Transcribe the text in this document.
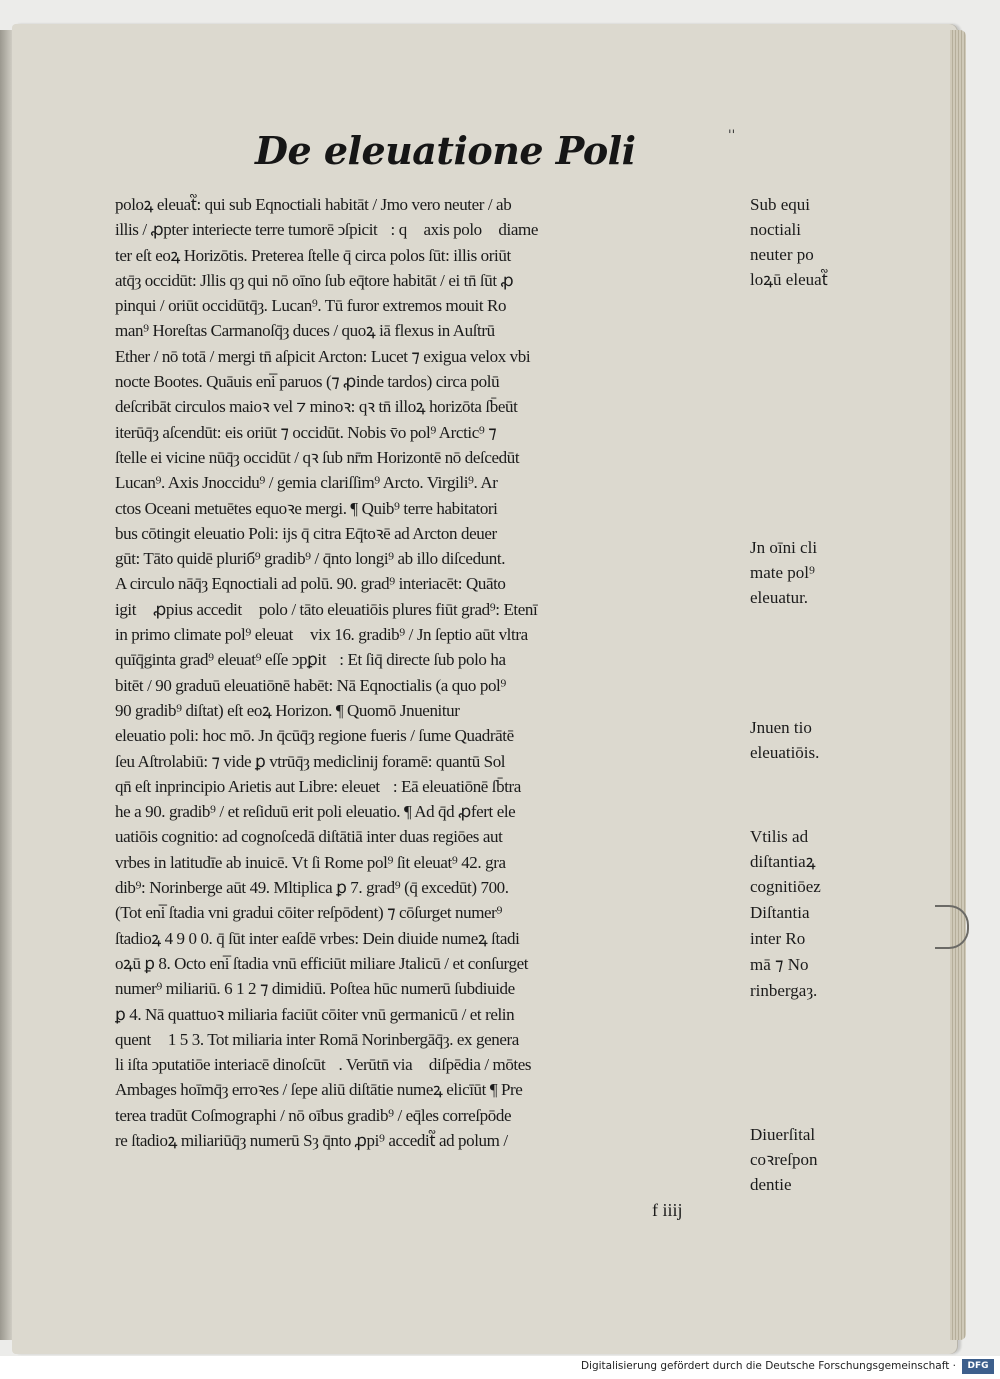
De eleuatione Poli	''
poloꝝ eleuat᷑: qui sub Eqnoctiali habitāt / Jmo vero neuter / ab
illis / ꝓpter interiecte terre tumorē ↄſpicit᷑: qꝛ axis poloꝝ diame
ter eſt eoꝝ Horizōtis. Preterea ſtelle q̄ circa polos ſūt: illis oriūt
atq̄ȝ occidūt: Jllis qȝ qui nō oīno ſub eq̄tore habitāt / ei tn̄ ſūt ꝓ
pinqui / oriūt occidūtq̄ȝ. Lucan⁹. Tū furor extremos mouit Ro
man⁹ Horeſtas Carmanoſq̄ȝ duces / quoꝝ iā flexus in Auſtrū
Ether / nō totā / mergi tn̄ aſpicit Arcton: Lucet ⁊ exigua velox vbi
nocte Bootes. Quāuis eni̅ paruos (⁊ ꝓinde tardos) circa polū
deſcribāt circulos maioꝛ vel ⁊ minoꝛ: qꝛ tn̄ illoꝝ horizōta ſb̄eūt
iterūq̄ȝ aſcendūt: eis oriūt ⁊ occidūt. Nobis v̄o pol⁹ Arctic⁹ ⁊
ſtelle ei vicine nūq̄ȝ occidūt / qꝛ ſub nr̄m Horizontē nō deſcedūt
Lucan⁹. Axis Jnoccidu⁹ / gemia clariſſim⁹ Arcto. Virgili⁹. Ar
ctos Oceani metuētes equoꝛe mergi. ¶ Quib⁹ terre habitatori
bus cōtingit eleuatio Poli: ijs q̄ citra Eq̄toꝛē ad Arcton deuer
gūt: Tāto quidē pluriб⁹ gradib⁹ / q̄nto longi⁹ ab illo diſcedunt.
A circulo nāq̄ȝ Eqnoctiali ad polū. 90. grad⁹ interiacēt: Quāto
igit᷑ ꝓpius accedit᷑ polo / tāto eleuatiōis plures fiūt grad⁹: Etenī
in primo climate pol⁹ eleuat᷑ vix 16. gradib⁹ / Jn ſeptio aūt vltra
quīq̄ginta grad⁹ eleuat⁹ eſſe ↄpꝑit᷑: Et ſiq̄ directe ſub polo ha
bitēt / 90 graduū eleuatiōnē habēt: Nā Eqnoctialis (a quo pol⁹
90 gradib⁹ diſtat) eſt eoꝝ Horizon. ¶ Quomō Jnuenitur
eleuatio poli: hoc mō. Jn q̄cūq̄ȝ regione fueris / ſume Quadrātē
ſeu Aſtrolabiū: ⁊ vide ꝑ vtrūq̄ȝ mediclinij foramē: quantū Sol
qn̄ eſt inprincipio Arietis aut Libre: eleuet᷑: Eā eleuatiōnē ſb̄tra
he a 90. gradib⁹ / et reſiduū erit poli eleuatio. ¶ Ad q̄d ꝓfert ele
uatiōis cognitio: ad cognoſcedā diſtātiā inter duas regiōes aut
vrbes in latitudīe ab inuicē. Vt ſi Rome pol⁹ ſit eleuat⁹ 42. gra
dib⁹: Norinberge aūt 49. Mltiplica ꝑ 7. grad⁹ (q̄ excedūt) 700.
(Tot eni̅ ſtadia vni gradui cōiter reſpōdent) ⁊ cōſurget numer⁹
ſtadioꝝ 4 9 0 0. q̄ ſūt inter eaſdē vrbes: Dein diuide numeꝝ ſtadi
oꝝū ꝑ 8. Octo eni̅ ſtadia vnū efficiūt miliare Jtalicū / et conſurget
numer⁹ miliariū. 6 1 2 ⁊ dimidiū. Poſtea hūc numerū ſubdiuide
ꝑ 4. Nā quattuoꝛ miliaria faciūt cōiter vnū germanicū / et relin
quent᷑ 1 5 3. Tot miliaria inter Romā Norinbergāq̄ȝ. ex genera
li iſta ↄputatiōe interiacē dinoſcūt᷑. Verūtn̄ viaꝝ diſpēdia / mōtes
Ambages hoīmq̄ȝ erroꝛes / ſepe aliū diſtātie numeꝝ elicīūt ¶ Pre
terea tradūt Coſmographi / nō oībus gradib⁹ / eq̄les correſpōde
re ſtadioꝝ miliariūq̄ȝ numerū Sȝ q̄nto ꝓpi⁹ accedit᷑ ad polum /
Sub equi
noctiali
neuter po
loꝝū eleuat᷑
Jn oīni cli
mate pol⁹
eleuatur.
Jnuen tio
eleuatiōis.
Vtilis ad
diſtantiaꝝ
cognitiōez
Diſtantia
inter Ro
mā ⁊ No
rinbergaȝ.
Diuerſital
coꝛreſpon
dentie
f iiij
Digitalisierung gefördert durch die Deutsche Forschungsgemeinschaft ·	DFG
